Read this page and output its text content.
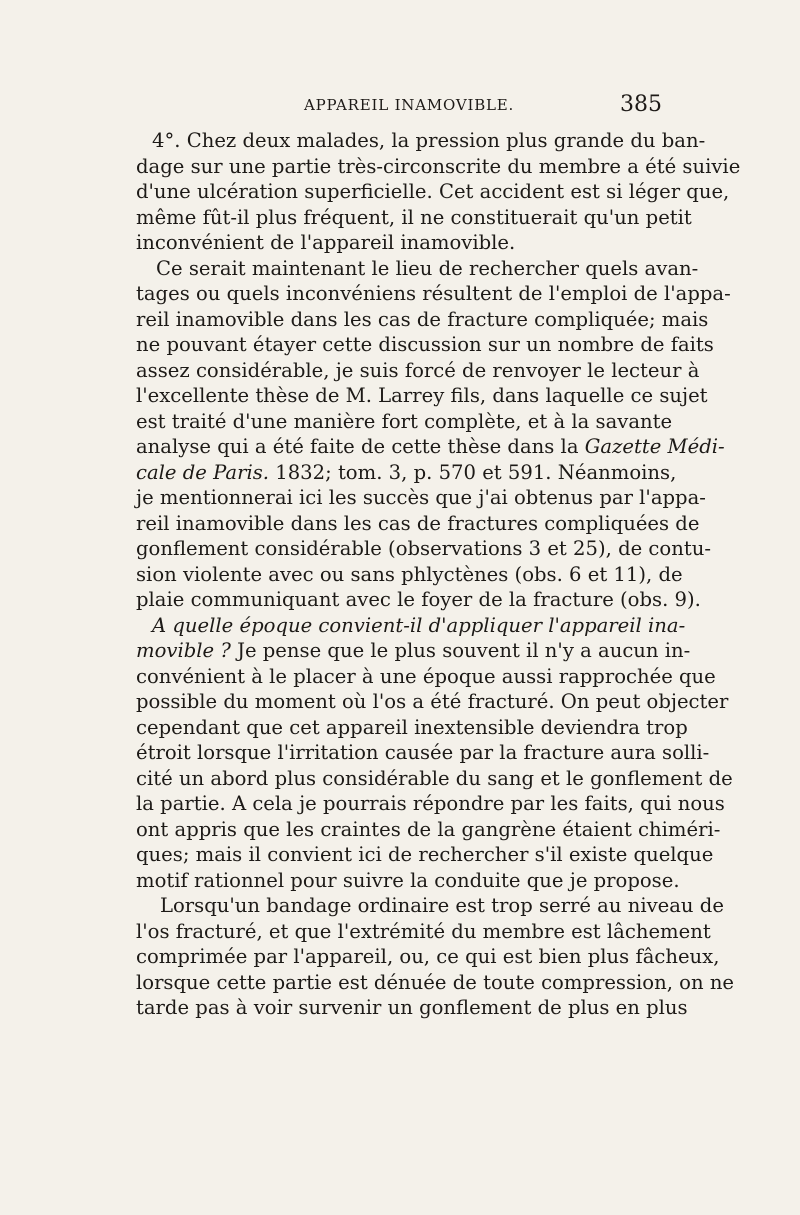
APPAREIL INAMOVIBLE.	385
4°. Chez deux malades, la pression plus grande du ban-
dage sur une partie très-circonscrite du membre a été suivie
d'une ulcération superficielle. Cet accident est si léger que,
même fût-il plus fréquent, il ne constituerait qu'un petit
inconvénient de l'appareil inamovible.
Ce serait maintenant le lieu de rechercher quels avan-
tages ou quels inconvéniens résultent de l'emploi de l'appa-
reil inamovible dans les cas de fracture compliquée; mais
ne pouvant étayer cette discussion sur un nombre de faits
assez considérable, je suis forcé de renvoyer le lecteur à
l'excellente thèse de M. Larrey fils, dans laquelle ce sujet
est traité d'une manière fort complète, et à la savante
analyse qui a été faite de cette thèse dans la Gazette Médi-
cale de Paris. 1832; tom. 3, p. 570 et 591. Néanmoins,
je mentionnerai ici les succès que j'ai obtenus par l'appa-
reil inamovible dans les cas de fractures compliquées de
gonflement considérable (observations 3 et 25), de contu-
sion violente avec ou sans phlyctènes (obs. 6 et 11), de
plaie communiquant avec le foyer de la fracture (obs. 9).
A quelle époque convient-il d'appliquer l'appareil ina-
movible ? Je pense que le plus souvent il n'y a aucun in-
convénient à le placer à une époque aussi rapprochée que
possible du moment où l'os a été fracturé. On peut objecter
cependant que cet appareil inextensible deviendra trop
étroit lorsque l'irritation causée par la fracture aura solli-
cité un abord plus considérable du sang et le gonflement de
la partie. A cela je pourrais répondre par les faits, qui nous
ont appris que les craintes de la gangrène étaient chiméri-
ques; mais il convient ici de rechercher s'il existe quelque
motif rationnel pour suivre la conduite que je propose.
Lorsqu'un bandage ordinaire est trop serré au niveau de
l'os fracturé, et que l'extrémité du membre est lâchement
comprimée par l'appareil, ou, ce qui est bien plus fâcheux,
lorsque cette partie est dénuée de toute compression, on ne
tarde pas à voir survenir un gonflement de plus en plus
